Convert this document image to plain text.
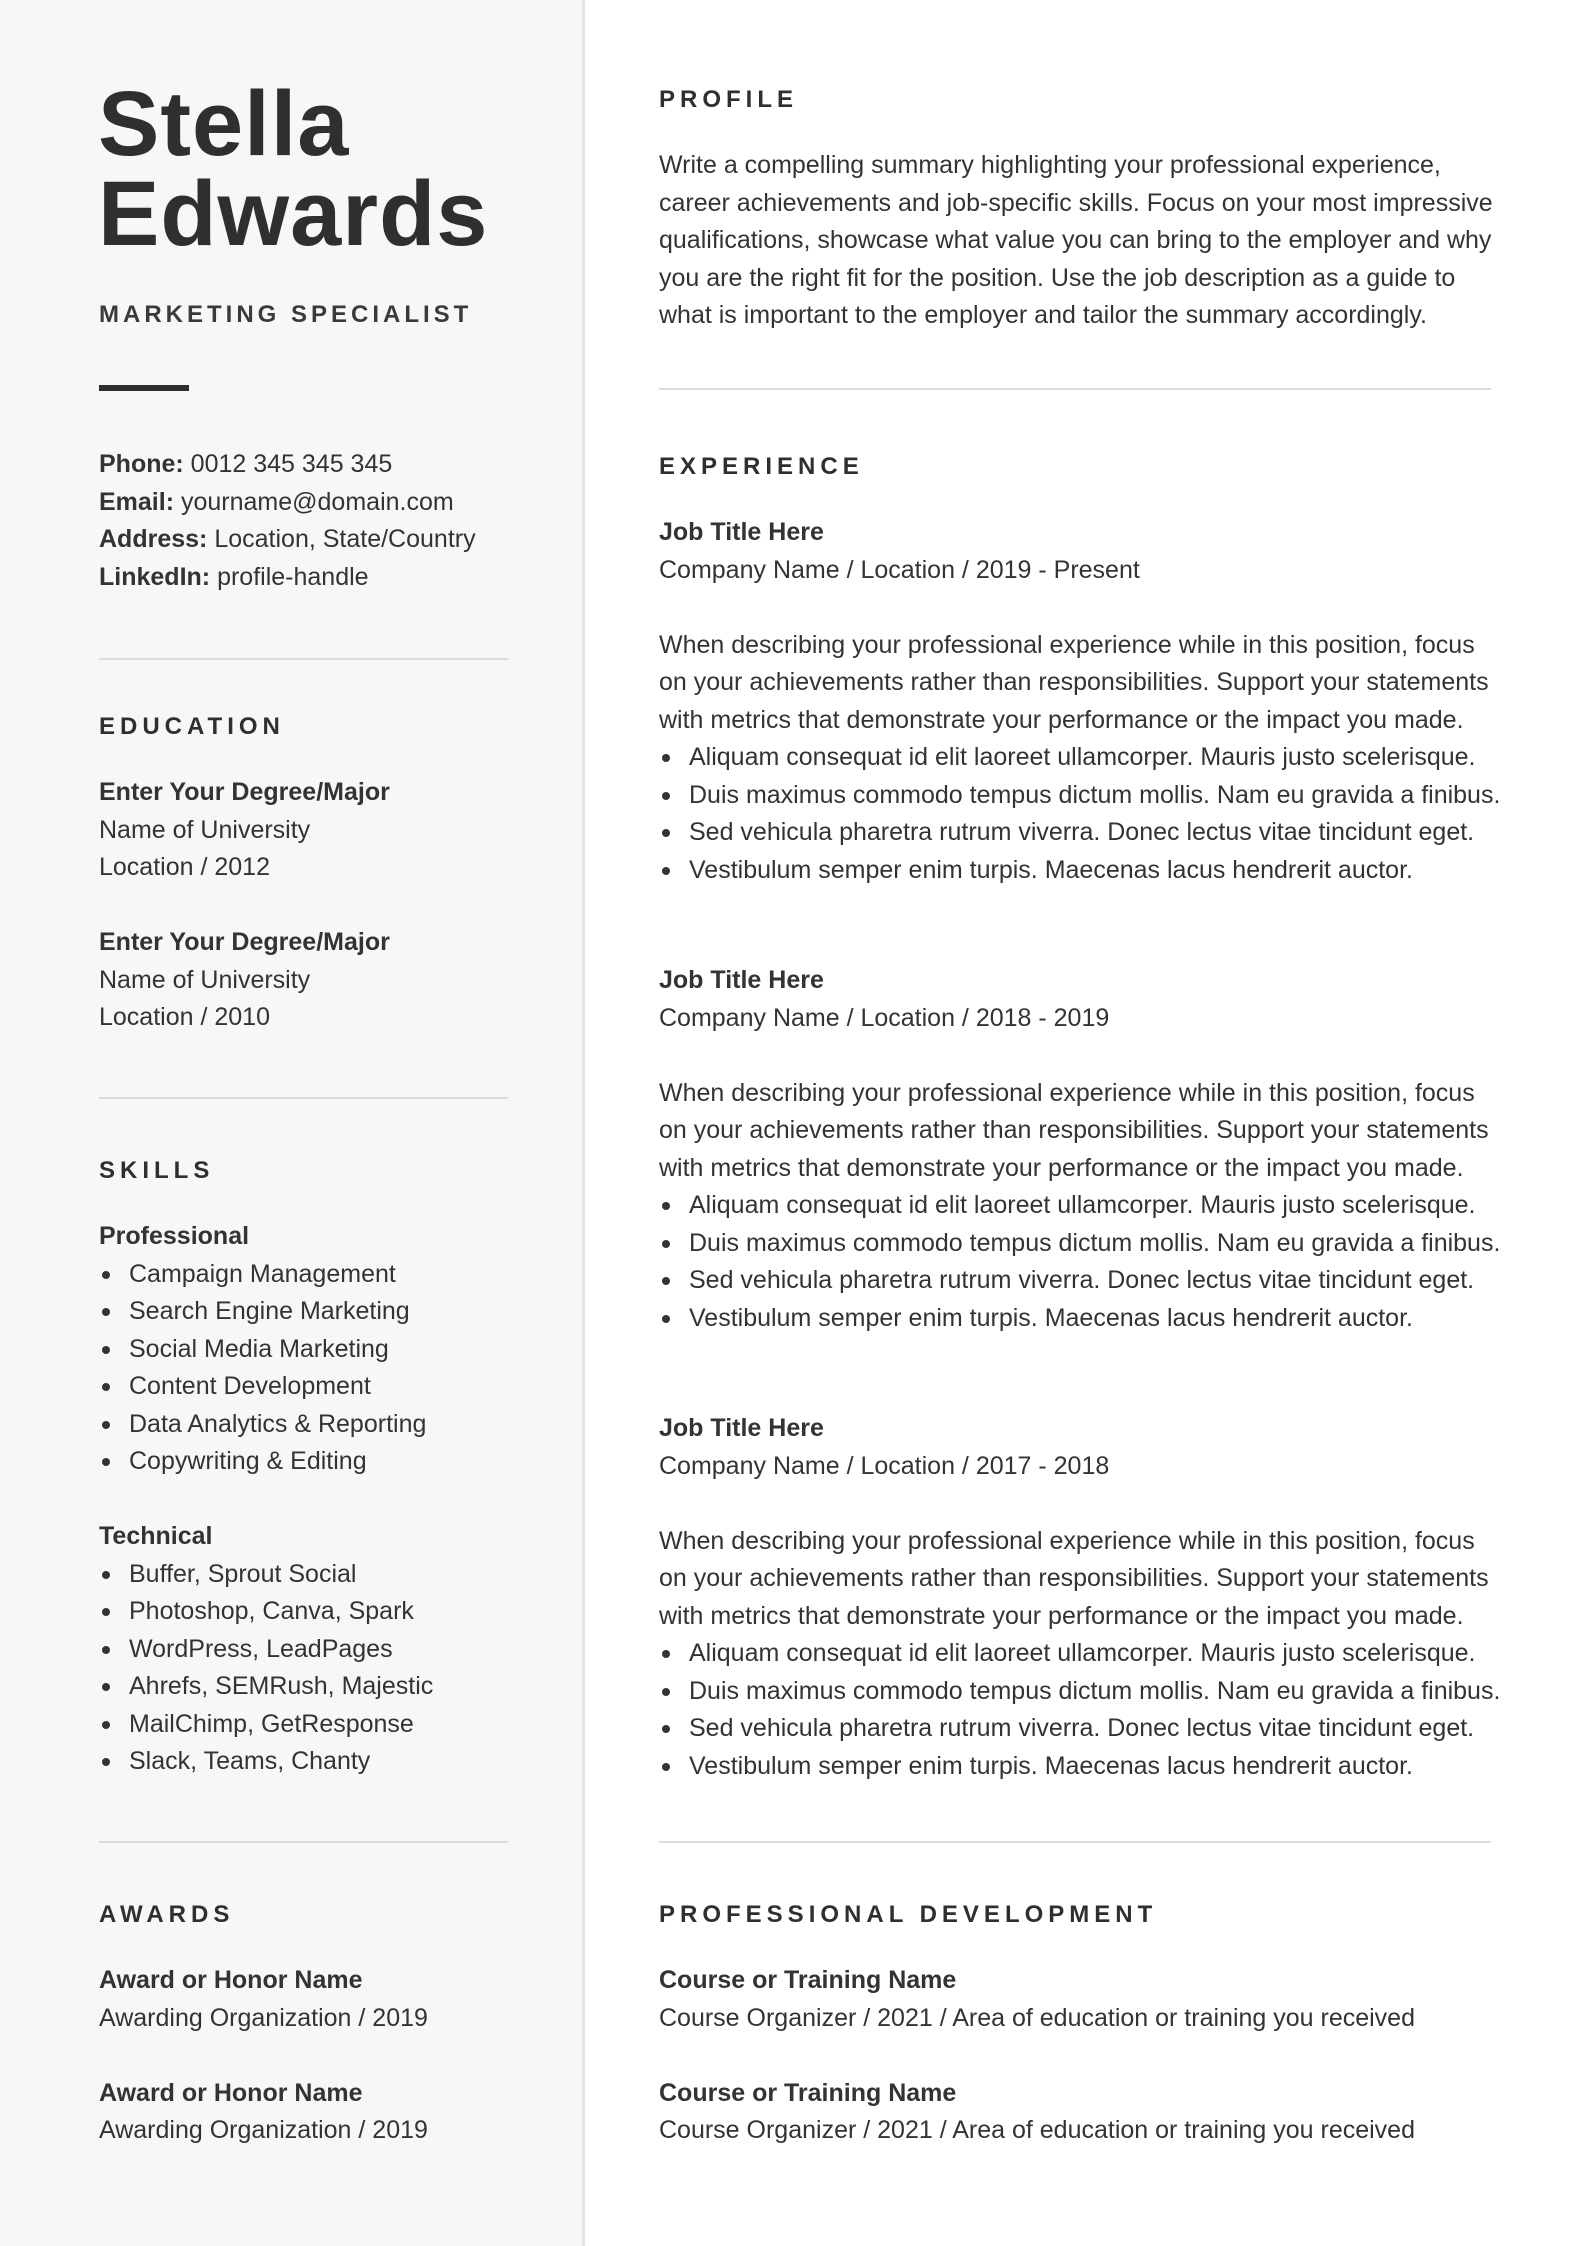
Stella
Edwards
MARKETING SPECIALIST
Phone: 0012 345 345 345
Email: yourname@domain.com
Address: Location, State/Country
LinkedIn: profile-handle
EDUCATION
Enter Your Degree/Major
Name of University
Location / 2012
Enter Your Degree/Major
Name of University
Location / 2010
SKILLS
Professional
Campaign Management
Search Engine Marketing
Social Media Marketing
Content Development
Data Analytics & Reporting
Copywriting & Editing
Technical
Buffer, Sprout Social
Photoshop, Canva, Spark
WordPress, LeadPages
Ahrefs, SEMRush, Majestic
MailChimp, GetResponse
Slack, Teams, Chanty
AWARDS
Award or Honor Name
Awarding Organization / 2019
Award or Honor Name
Awarding Organization / 2019
PROFILE
Write a compelling summary highlighting your professional experience,
career achievements and job-specific skills. Focus on your most impressive
qualifications, showcase what value you can bring to the employer and why
you are the right fit for the position. Use the job description as a guide to
what is important to the employer and tailor the summary accordingly.
EXPERIENCE
Job Title Here
Company Name / Location / 2019 - Present
When describing your professional experience while in this position, focus
on your achievements rather than responsibilities. Support your statements
with metrics that demonstrate your performance or the impact you made.
Aliquam consequat id elit laoreet ullamcorper. Mauris justo scelerisque.
Duis maximus commodo tempus dictum mollis. Nam eu gravida a finibus.
Sed vehicula pharetra rutrum viverra. Donec lectus vitae tincidunt eget.
Vestibulum semper enim turpis. Maecenas lacus hendrerit auctor.
Job Title Here
Company Name / Location / 2018 - 2019
When describing your professional experience while in this position, focus
on your achievements rather than responsibilities. Support your statements
with metrics that demonstrate your performance or the impact you made.
Aliquam consequat id elit laoreet ullamcorper. Mauris justo scelerisque.
Duis maximus commodo tempus dictum mollis. Nam eu gravida a finibus.
Sed vehicula pharetra rutrum viverra. Donec lectus vitae tincidunt eget.
Vestibulum semper enim turpis. Maecenas lacus hendrerit auctor.
Job Title Here
Company Name / Location / 2017 - 2018
When describing your professional experience while in this position, focus
on your achievements rather than responsibilities. Support your statements
with metrics that demonstrate your performance or the impact you made.
Aliquam consequat id elit laoreet ullamcorper. Mauris justo scelerisque.
Duis maximus commodo tempus dictum mollis. Nam eu gravida a finibus.
Sed vehicula pharetra rutrum viverra. Donec lectus vitae tincidunt eget.
Vestibulum semper enim turpis. Maecenas lacus hendrerit auctor.
PROFESSIONAL DEVELOPMENT
Course or Training Name
Course Organizer / 2021 / Area of education or training you received
Course or Training Name
Course Organizer / 2021 / Area of education or training you received
